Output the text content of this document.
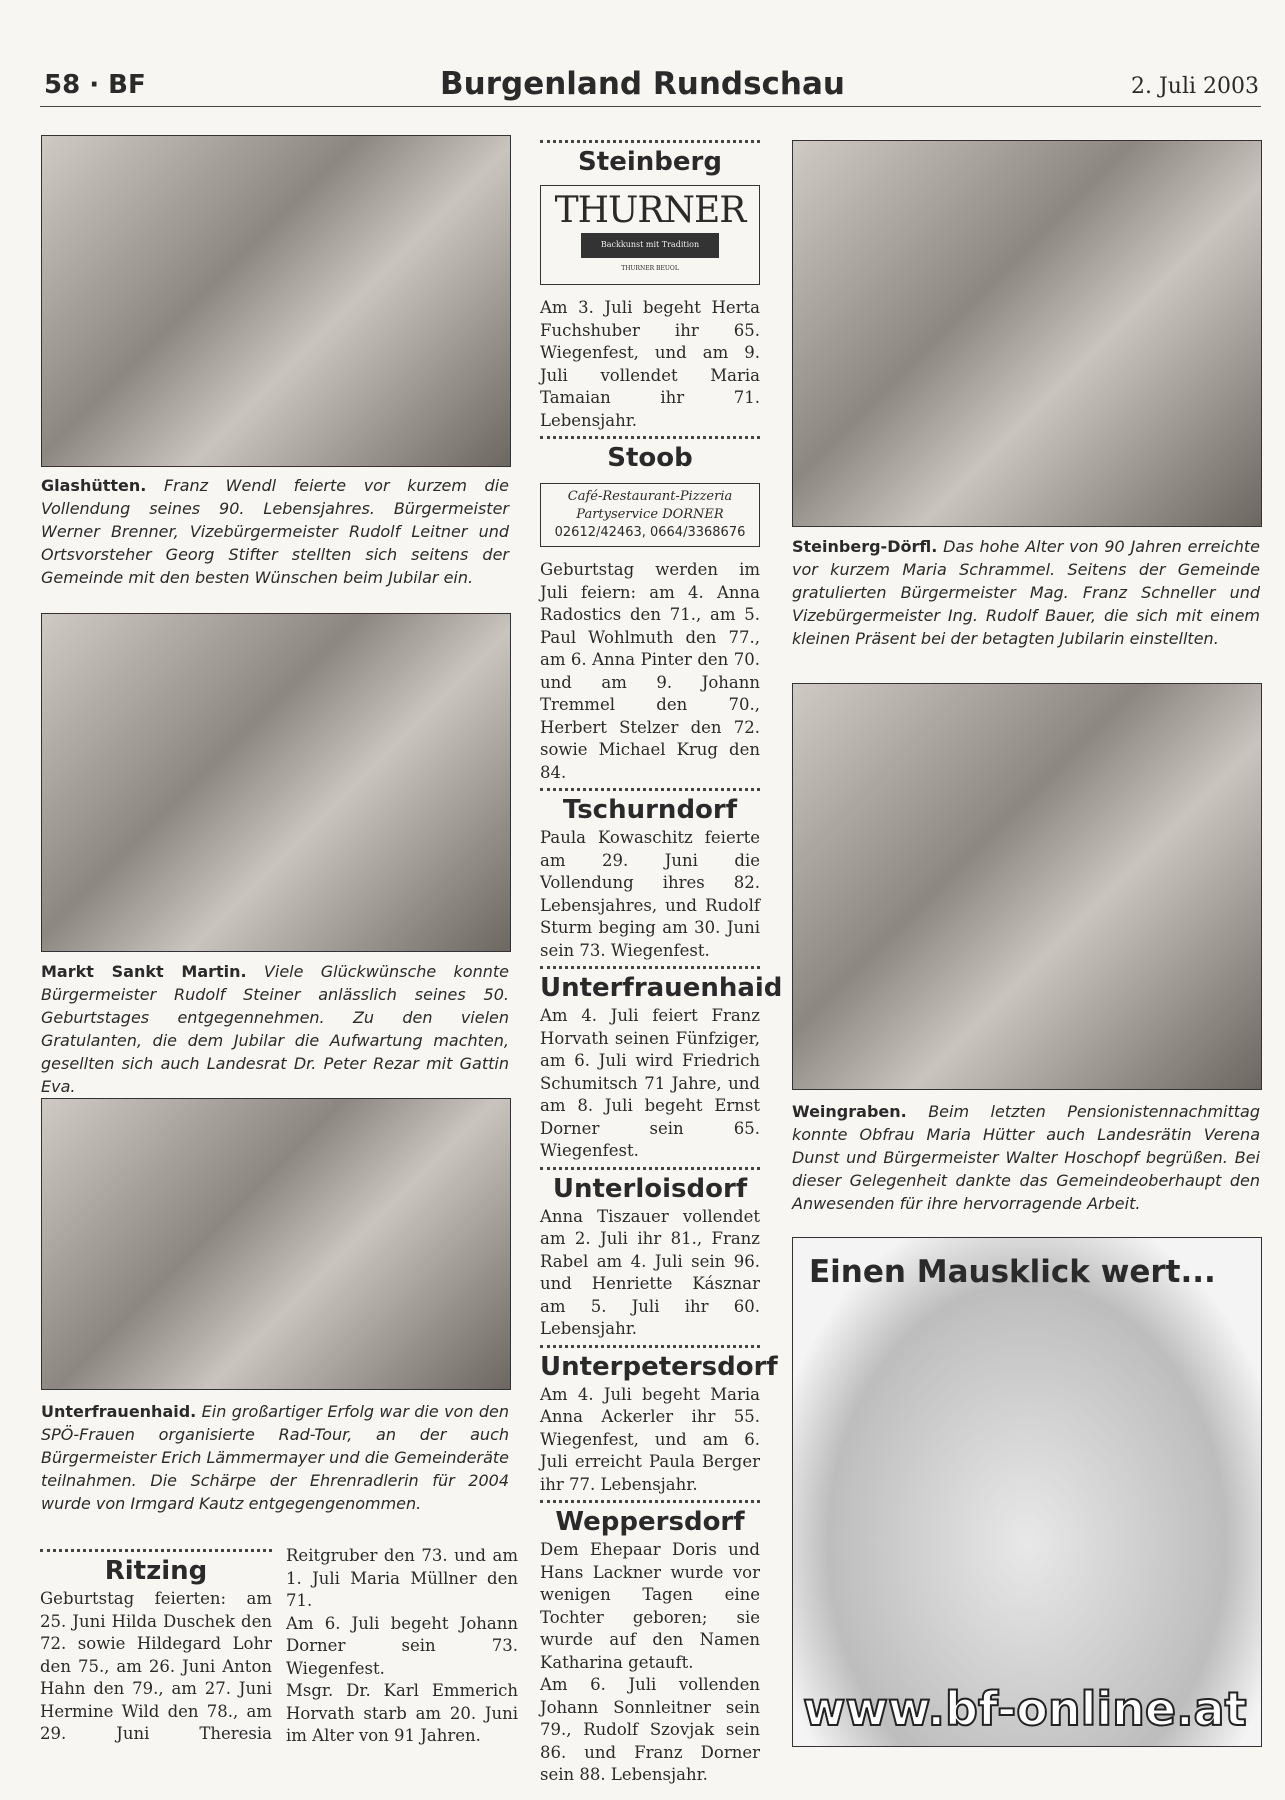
58 · BF	Burgenland Rundschau	2. Juli 2003
Glashütten. Franz Wendl feierte vor kurzem die Vollendung seines 90. Lebensjahres. Bürgermeister Werner Brenner, Vizebürgermeister Rudolf Leitner und Ortsvorsteher Georg Stifter stellten sich seitens der Gemeinde mit den besten Wünschen beim Jubilar ein.
Markt Sankt Martin. Viele Glückwünsche konnte Bürgermeister Rudolf Steiner anlässlich seines 50. Geburtstages entgegennehmen. Zu den vielen Gratulanten, die dem Jubilar die Aufwartung machten, gesellten sich auch Landesrat Dr. Peter Rezar mit Gattin Eva.
Unterfrauenhaid. Ein großartiger Erfolg war die von den SPÖ-Frauen organisierte Rad-Tour, an der auch Bürgermeister Erich Lämmermayer und die Gemeinderäte teilnahmen. Die Schärpe der Ehrenradlerin für 2004 wurde von Irmgard Kautz entgegengenommen.
Ritzing

Geburtstag feierten: am 25. Juni Hilda Duschek den 72. sowie Hildegard Lohr den 75., am 26. Juni Anton Hahn den 79., am 27. Juni Hermine Wild den 78., am 29. Juni Theresia Reitgruber den 73. und am 1. Juli Maria Müllner den 71.

Am 6. Juli begeht Johann Dorner sein 73. Wiegenfest.

Msgr. Dr. Karl Emmerich Horvath starb am 20. Juni im Alter von 91 Jahren.

Steinberg
THURNER
Backkunst mit Tradition
THURNER BEUOL

Am 3. Juli begeht Herta Fuchshuber ihr 65. Wiegenfest, und am 9. Juli vollendet Maria Tamaian ihr 71. Lebensjahr.

Stoob
Café-Restaurant-Pizzeria Partyservice DORNER
02612/42463, 0664/3368676

Geburtstag werden im Juli feiern: am 4. Anna Radostics den 71., am 5. Paul Wohlmuth den 77., am 6. Anna Pinter den 70. und am 9. Johann Tremmel den 70., Herbert Stelzer den 72. sowie Michael Krug den 84.

Tschurndorf

Paula Kowaschitz feierte am 29. Juni die Vollendung ihres 82. Lebensjahres, und Rudolf Sturm beging am 30. Juni sein 73. Wiegenfest.

Unterfrauenhaid

Am 4. Juli feiert Franz Horvath seinen Fünfziger, am 6. Juli wird Friedrich Schumitsch 71 Jahre, und am 8. Juli begeht Ernst Dorner sein 65. Wiegenfest.

Unterloisdorf

Anna Tiszauer vollendet am 2. Juli ihr 81., Franz Rabel am 4. Juli sein 96. und Henriette Kásznar am 5. Juli ihr 60. Lebensjahr.

Unterpetersdorf

Am 4. Juli begeht Maria Anna Ackerler ihr 55. Wiegenfest, und am 6. Juli erreicht Paula Berger ihr 77. Lebensjahr.

Weppersdorf

Dem Ehepaar Doris und Hans Lackner wurde vor wenigen Tagen eine Tochter geboren; sie wurde auf den Namen Katharina getauft.

Am 6. Juli vollenden Johann Sonnleitner sein 79., Rudolf Szovjak sein 86. und Franz Dorner sein 88. Lebensjahr.

Steinberg-Dörfl. Das hohe Alter von 90 Jahren erreichte vor kurzem Maria Schrammel. Seitens der Gemeinde gratulierten Bürgermeister Mag. Franz Schneller und Vizebürgermeister Ing. Rudolf Bauer, die sich mit einem kleinen Präsent bei der betagten Jubilarin einstellten.
Weingraben. Beim letzten Pensionistennachmittag konnte Obfrau Maria Hütter auch Landesrätin Verena Dunst und Bürgermeister Walter Hoschopf begrüßen. Bei dieser Gelegenheit dankte das Gemeindeoberhaupt den Anwesenden für ihre hervorragende Arbeit.
Einen Mausklick wert...
www.bf-online.at
